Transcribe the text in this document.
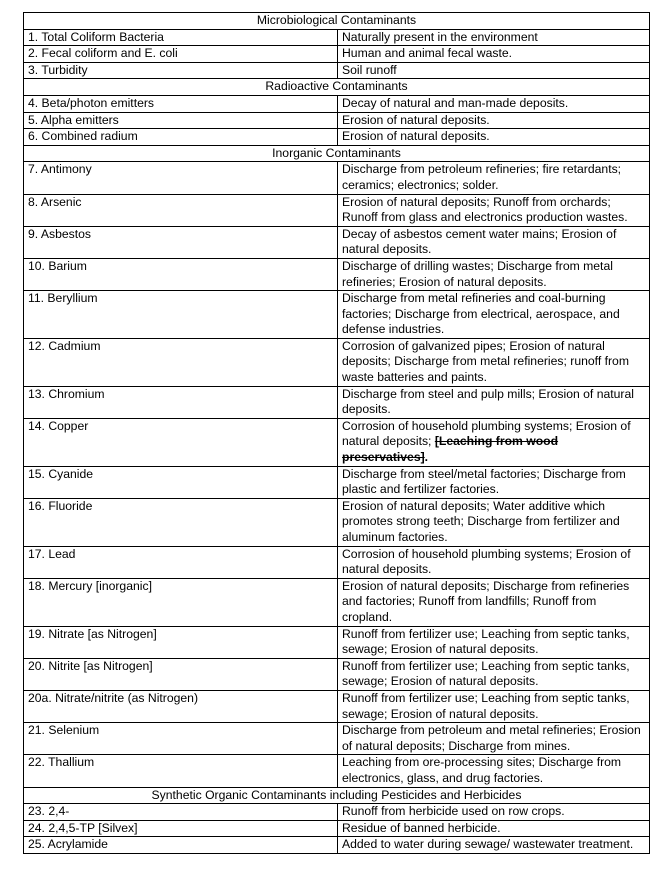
Microbiological Contaminants	
1. Total Coliform Bacteria	Naturally present in the environment
2. Fecal coliform and E. coli	Human and animal fecal waste.
3. Turbidity	Soil runoff
Radioactive Contaminants	
4. Beta/photon emitters	Decay of natural and man-made deposits.
5. Alpha emitters	Erosion of natural deposits.
6. Combined radium	Erosion of natural deposits.
Inorganic Contaminants	
7. Antimony	Discharge from petroleum refineries; fire retardants; ceramics; electronics; solder.
8. Arsenic	Erosion of natural deposits; Runoff from orchards; Runoff from glass and electronics production wastes.
9. Asbestos	Decay of asbestos cement water mains; Erosion of natural deposits.
10. Barium	Discharge of drilling wastes; Discharge from metal refineries; Erosion of natural deposits.
11. Beryllium	Discharge from metal refineries and coal-burning factories; Discharge from electrical, aerospace, and defense industries.
12. Cadmium	Corrosion of galvanized pipes; Erosion of natural deposits; Discharge from metal refineries; runoff from waste batteries and paints.
13. Chromium	Discharge from steel and pulp mills; Erosion of natural deposits.
14. Copper	Corrosion of household plumbing systems; Erosion of natural deposits; [Leaching from wood preservatives].
15. Cyanide	Discharge from steel/metal factories; Discharge from plastic and fertilizer factories.
16. Fluoride	Erosion of natural deposits; Water additive which promotes strong teeth; Discharge from fertilizer and aluminum factories.
17. Lead	Corrosion of household plumbing systems; Erosion of natural deposits.
18. Mercury [inorganic]	Erosion of natural deposits; Discharge from refineries and factories; Runoff from landfills; Runoff from cropland.
19. Nitrate [as Nitrogen]	Runoff from fertilizer use; Leaching from septic tanks, sewage; Erosion of natural deposits.
20. Nitrite [as Nitrogen]	Runoff from fertilizer use; Leaching from septic tanks, sewage; Erosion of natural deposits.
20a. Nitrate/nitrite (as Nitrogen)	Runoff from fertilizer use; Leaching from septic tanks, sewage; Erosion of natural deposits.
21. Selenium	Discharge from petroleum and metal refineries; Erosion of natural deposits; Discharge from mines.
22. Thallium	Leaching from ore-processing sites; Discharge from electronics, glass, and drug factories.
Synthetic Organic Contaminants including Pesticides and Herbicides	
23. 2,4-	Runoff from herbicide used on row crops.
24. 2,4,5-TP [Silvex]	Residue of banned herbicide.
25. Acrylamide	Added to water during sewage/ wastewater treatment.
